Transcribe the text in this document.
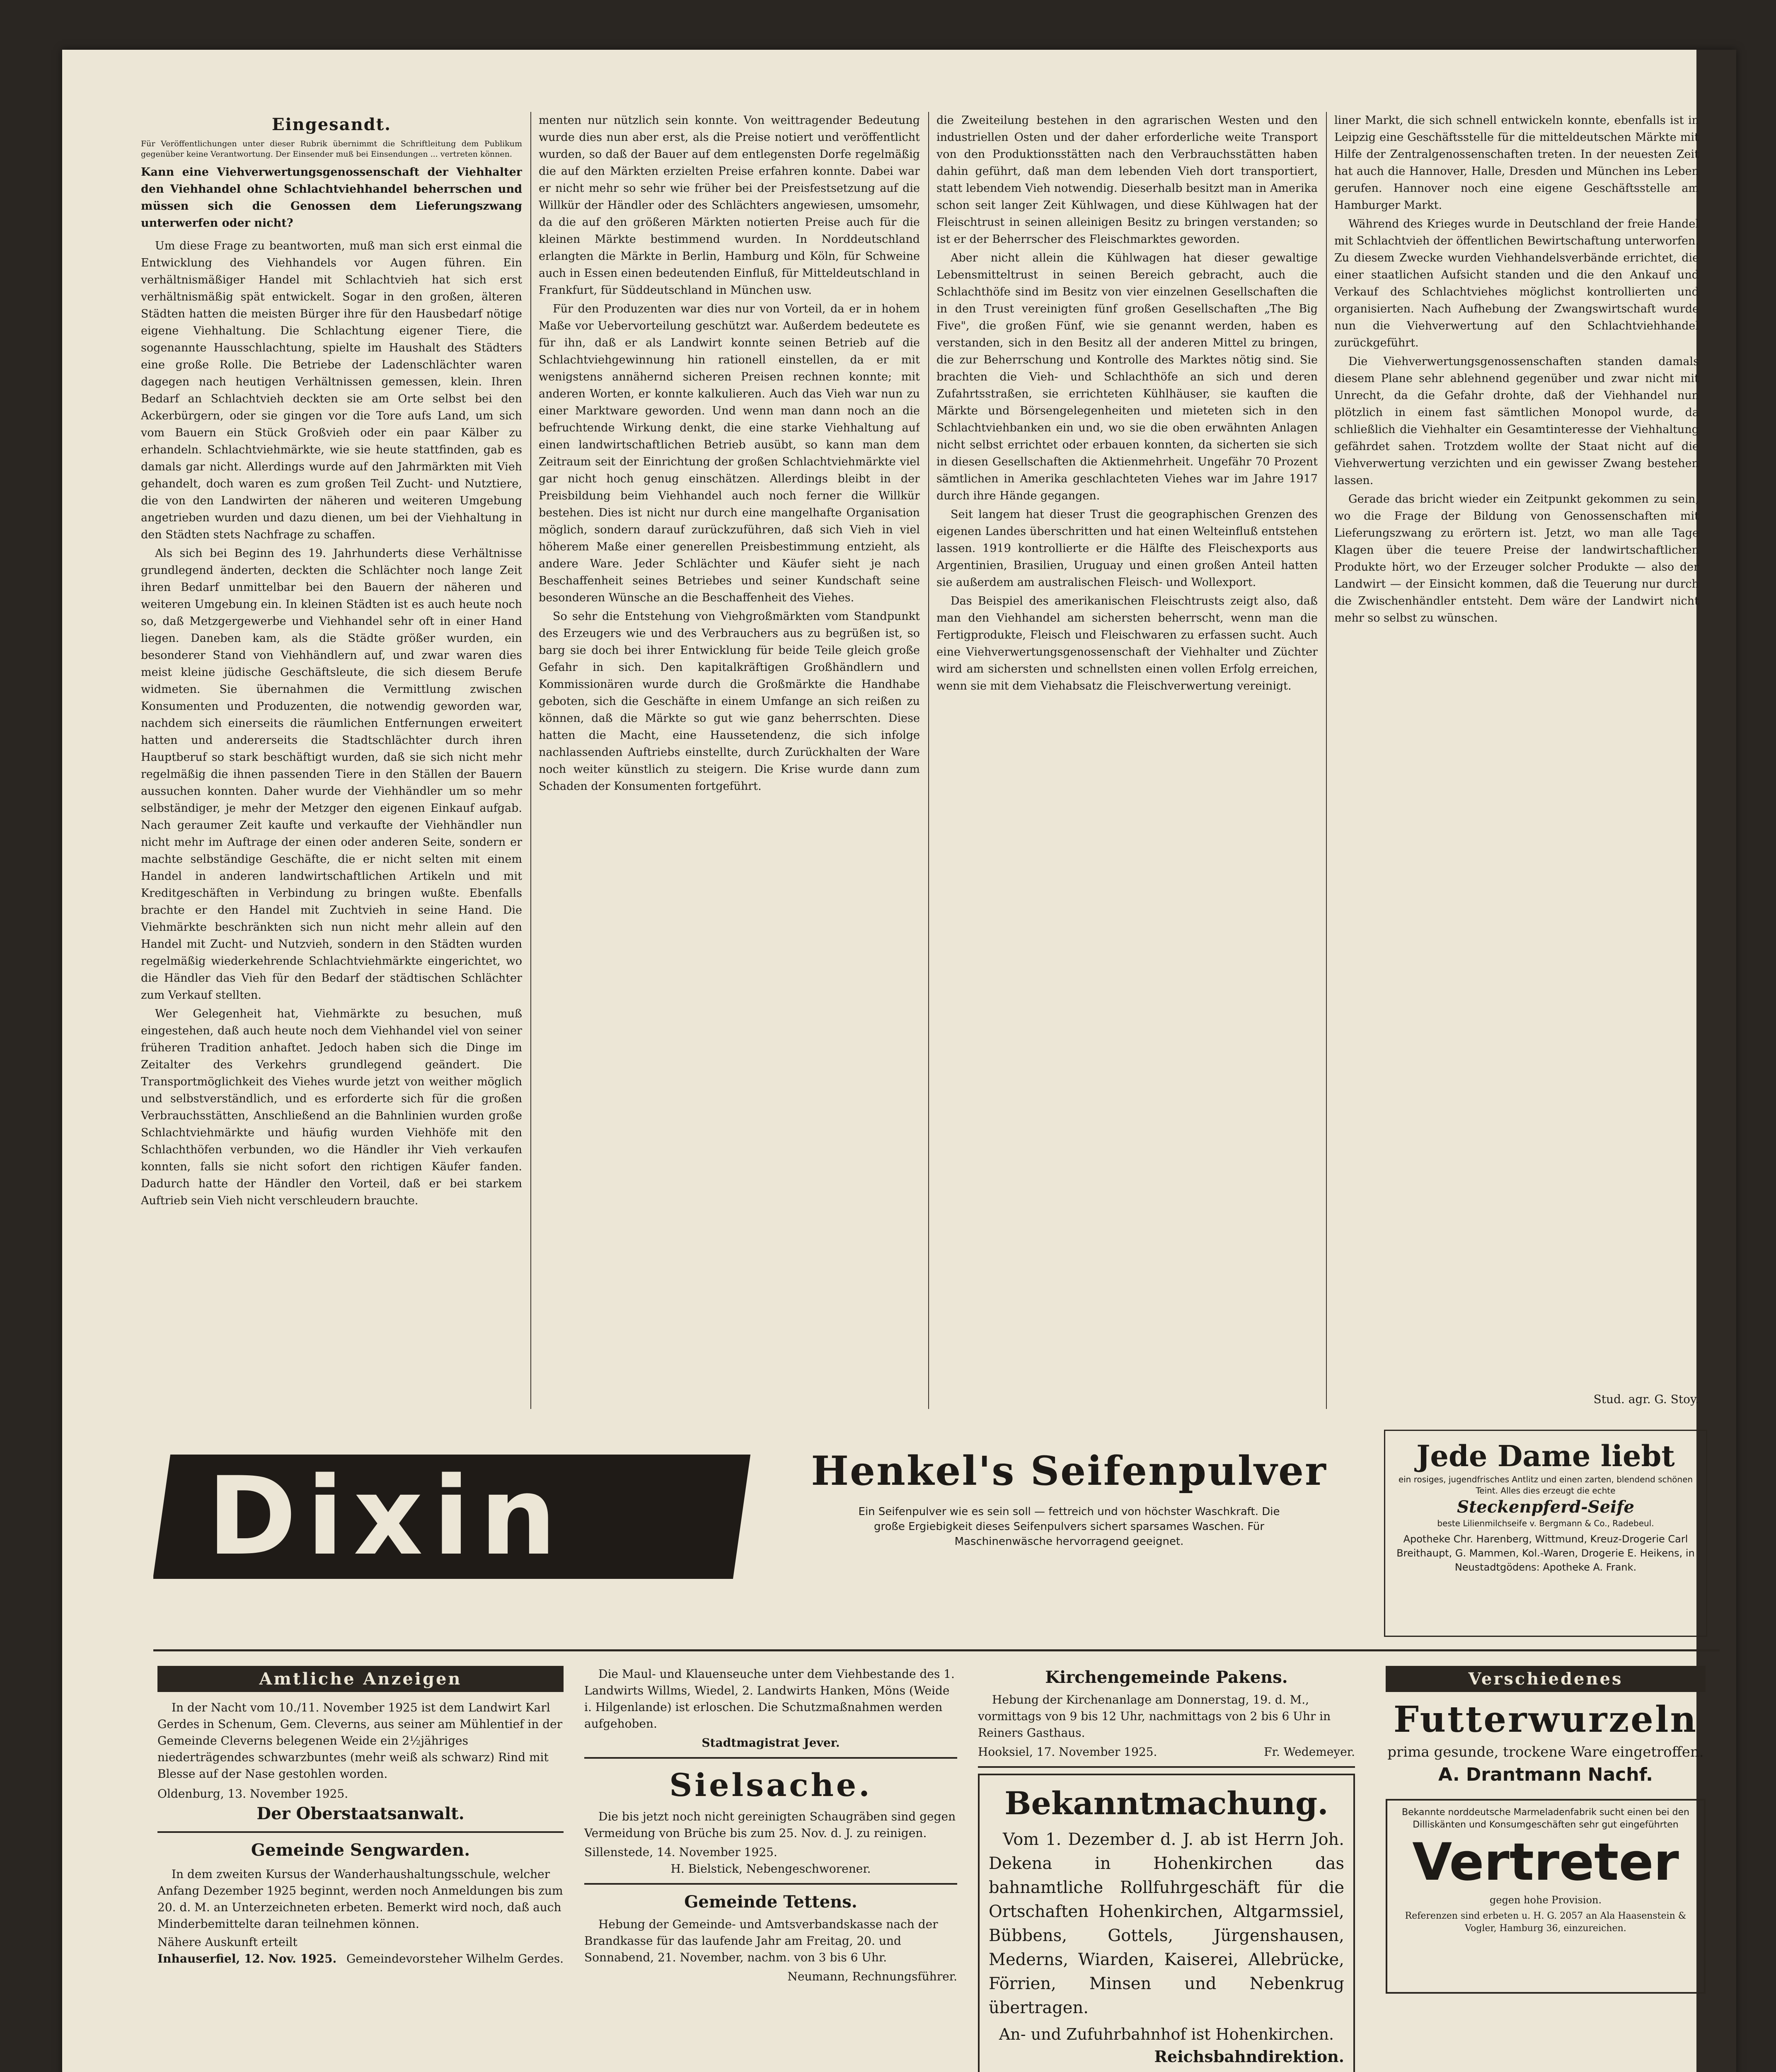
Eingesandt.

Für Veröffentlichungen unter dieser Rubrik übernimmt die Schriftleitung dem Publikum gegenüber keine Verantwortung. Der Einsender muß bei Einsendungen ... vertreten können.

Kann eine Viehverwertungsgenossenschaft der Viehhalter den Viehhandel ohne Schlachtviehhandel beherrschen und müssen sich die Genossen dem Lieferungszwang unterwerfen oder nicht?

Um diese Frage zu beantworten, muß man sich erst einmal die Entwicklung des Viehhandels vor Augen führen. Ein verhältnismäßiger Handel mit Schlachtvieh hat sich erst verhältnismäßig spät entwickelt. Sogar in den großen, älteren Städten hatten die meisten Bürger ihre für den Hausbedarf nötige eigene Viehhaltung. Die Schlachtung eigener Tiere, die sogenannte Hausschlachtung, spielte im Haushalt des Städters eine große Rolle. Die Betriebe der Ladenschlächter waren dagegen nach heutigen Verhältnissen gemessen, klein. Ihren Bedarf an Schlachtvieh deckten sie am Orte selbst bei den Ackerbürgern, oder sie gingen vor die Tore aufs Land, um sich vom Bauern ein Stück Großvieh oder ein paar Kälber zu erhandeln. Schlachtviehmärkte, wie sie heute stattfinden, gab es damals gar nicht. Allerdings wurde auf den Jahrmärkten mit Vieh gehandelt, doch waren es zum großen Teil Zucht- und Nutztiere, die von den Landwirten der näheren und weiteren Umgebung angetrieben wurden und dazu dienen, um bei der Viehhaltung in den Städten stets Nachfrage zu schaffen.

Als sich bei Beginn des 19. Jahrhunderts diese Verhältnisse grundlegend änderten, deckten die Schlächter noch lange Zeit ihren Bedarf unmittelbar bei den Bauern der näheren und weiteren Umgebung ein. In kleinen Städten ist es auch heute noch so, daß Metzgergewerbe und Viehhandel sehr oft in einer Hand liegen. Daneben kam, als die Städte größer wurden, ein besonderer Stand von Viehhändlern auf, und zwar waren dies meist kleine jüdische Geschäftsleute, die sich diesem Berufe widmeten. Sie übernahmen die Vermittlung zwischen Konsumenten und Produzenten, die notwendig geworden war, nachdem sich einerseits die räumlichen Entfernungen erweitert hatten und andererseits die Stadtschlächter durch ihren Hauptberuf so stark beschäftigt wurden, daß sie sich nicht mehr regelmäßig die ihnen passenden Tiere in den Ställen der Bauern aussuchen konnten. Daher wurde der Viehhändler um so mehr selbständiger, je mehr der Metzger den eigenen Einkauf aufgab. Nach geraumer Zeit kaufte und verkaufte der Viehhändler nun nicht mehr im Auftrage der einen oder anderen Seite, sondern er machte selbständige Geschäfte, die er nicht selten mit einem Handel in anderen landwirtschaftlichen Artikeln und mit Kreditgeschäften in Verbindung zu bringen wußte. Ebenfalls brachte er den Handel mit Zuchtvieh in seine Hand. Die Viehmärkte beschränkten sich nun nicht mehr allein auf den Handel mit Zucht- und Nutzvieh, sondern in den Städten wurden regelmäßig wiederkehrende Schlachtviehmärkte eingerichtet, wo die Händler das Vieh für den Bedarf der städtischen Schlächter zum Verkauf stellten.

Wer Gelegenheit hat, Viehmärkte zu besuchen, muß eingestehen, daß auch heute noch dem Viehhandel viel von seiner früheren Tradition anhaftet. Jedoch haben sich die Dinge im Zeitalter des Verkehrs grundlegend geändert. Die Transportmöglichkeit des Viehes wurde jetzt von weither möglich und selbstverständlich, und es erforderte sich für die großen Verbrauchsstätten, Anschließend an die Bahnlinien wurden große Schlachtviehmärkte und häufig wurden Viehhöfe mit den Schlachthöfen verbunden, wo die Händler ihr Vieh verkaufen konnten, falls sie nicht sofort den richtigen Käufer fanden. Dadurch hatte der Händler den Vorteil, daß er bei starkem Auftrieb sein Vieh nicht verschleudern brauchte.

menten nur nützlich sein konnte. Von weittragender Bedeutung wurde dies nun aber erst, als die Preise notiert und veröffentlicht wurden, so daß der Bauer auf dem entlegensten Dorfe regelmäßig die auf den Märkten erzielten Preise erfahren konnte. Dabei war er nicht mehr so sehr wie früher bei der Preisfestsetzung auf die Willkür der Händler oder des Schlächters angewiesen, umsomehr, da die auf den größeren Märkten notierten Preise auch für die kleinen Märkte bestimmend wurden. In Norddeutschland erlangten die Märkte in Berlin, Hamburg und Köln, für Schweine auch in Essen einen bedeutenden Einfluß, für Mitteldeutschland in Frankfurt, für Süddeutschland in München usw.

Für den Produzenten war dies nur von Vorteil, da er in hohem Maße vor Uebervorteilung geschützt war. Außerdem bedeutete es für ihn, daß er als Landwirt konnte seinen Betrieb auf die Schlachtviehgewinnung hin rationell einstellen, da er mit wenigstens annähernd sicheren Preisen rechnen konnte; mit anderen Worten, er konnte kalkulieren. Auch das Vieh war nun zu einer Marktware geworden. Und wenn man dann noch an die befruchtende Wirkung denkt, die eine starke Viehhaltung auf einen landwirtschaftlichen Betrieb ausübt, so kann man dem Zeitraum seit der Einrichtung der großen Schlachtviehmärkte viel gar nicht hoch genug einschätzen. Allerdings bleibt in der Preisbildung beim Viehhandel auch noch ferner die Willkür bestehen. Dies ist nicht nur durch eine mangelhafte Organisation möglich, sondern darauf zurückzuführen, daß sich Vieh in viel höherem Maße einer generellen Preisbestimmung entzieht, als andere Ware. Jeder Schlächter und Käufer sieht je nach Beschaffenheit seines Betriebes und seiner Kundschaft seine besonderen Wünsche an die Beschaffenheit des Viehes.

So sehr die Entstehung von Viehgroßmärkten vom Standpunkt des Erzeugers wie und des Verbrauchers aus zu begrüßen ist, so barg sie doch bei ihrer Entwicklung für beide Teile gleich große Gefahr in sich. Den kapitalkräftigen Großhändlern und Kommissionären wurde durch die Großmärkte die Handhabe geboten, sich die Geschäfte in einem Umfange an sich reißen zu können, daß die Märkte so gut wie ganz beherrschten. Diese hatten die Macht, eine Haussetendenz, die sich infolge nachlassenden Auftriebs einstellte, durch Zurückhalten der Ware noch weiter künstlich zu steigern. Die Krise wurde dann zum Schaden der Konsumenten fortgeführt.

die Zweiteilung bestehen in den agrarischen Westen und den industriellen Osten und der daher erforderliche weite Transport von den Produktionsstätten nach den Verbrauchsstätten haben dahin geführt, daß man dem lebenden Vieh dort transportiert, statt lebendem Vieh notwendig. Dieserhalb besitzt man in Amerika schon seit langer Zeit Kühlwagen, und diese Kühlwagen hat der Fleischtrust in seinen alleinigen Besitz zu bringen verstanden; so ist er der Beherrscher des Fleischmarktes geworden.

Aber nicht allein die Kühlwagen hat dieser gewaltige Lebensmitteltrust in seinen Bereich gebracht, auch die Schlachthöfe sind im Besitz von vier einzelnen Gesellschaften die in den Trust vereinigten fünf großen Gesellschaften „The Big Five", die großen Fünf, wie sie genannt werden, haben es verstanden, sich in den Besitz all der anderen Mittel zu bringen, die zur Beherrschung und Kontrolle des Marktes nötig sind. Sie brachten die Vieh- und Schlachthöfe an sich und deren Zufahrtsstraßen, sie errichteten Kühlhäuser, sie kauften die Märkte und Börsengelegenheiten und mieteten sich in den Schlachtviehbanken ein und, wo sie die oben erwähnten Anlagen nicht selbst errichtet oder erbauen konnten, da sicherten sie sich in diesen Gesellschaften die Aktienmehrheit. Ungefähr 70 Prozent sämtlichen in Amerika geschlachteten Viehes war im Jahre 1917 durch ihre Hände gegangen.

Seit langem hat dieser Trust die geographischen Grenzen des eigenen Landes überschritten und hat einen Welteinfluß entstehen lassen. 1919 kontrollierte er die Hälfte des Fleischexports aus Argentinien, Brasilien, Uruguay und einen großen Anteil hatten sie außerdem am australischen Fleisch- und Wollexport.

Das Beispiel des amerikanischen Fleischtrusts zeigt also, daß man den Viehhandel am sichersten beherrscht, wenn man die Fertigprodukte, Fleisch und Fleischwaren zu erfassen sucht. Auch eine Viehverwertungsgenossenschaft der Viehhalter und Züchter wird am sichersten und schnellsten einen vollen Erfolg erreichen, wenn sie mit dem Viehabsatz die Fleischverwertung vereinigt.

liner Markt, die sich schnell entwickeln konnte, ebenfalls ist in Leipzig eine Geschäftsstelle für die mitteldeutschen Märkte mit Hilfe der Zentralgenossenschaften treten. In der neuesten Zeit hat auch die Hannover, Halle, Dresden und München ins Leben gerufen. Hannover noch eine eigene Geschäftsstelle am Hamburger Markt.

Während des Krieges wurde in Deutschland der freie Handel mit Schlachtvieh der öffentlichen Bewirtschaftung unterworfen. Zu diesem Zwecke wurden Viehhandelsverbände errichtet, die einer staatlichen Aufsicht standen und die den Ankauf und Verkauf des Schlachtviehes möglichst kontrollierten und organisierten. Nach Aufhebung der Zwangswirtschaft wurde nun die Viehverwertung auf den Schlachtviehhandel zurückgeführt.

Die Viehverwertungsgenossenschaften standen damals diesem Plane sehr ablehnend gegenüber und zwar nicht mit Unrecht, da die Gefahr drohte, daß der Viehhandel nun plötzlich in einem fast sämtlichen Monopol wurde, da schließlich die Viehhalter ein Gesamtinteresse der Viehhaltung gefährdet sahen. Trotzdem wollte der Staat nicht auf die Viehverwertung verzichten und ein gewisser Zwang bestehen lassen.

Gerade das bricht wieder ein Zeitpunkt gekommen zu sein, wo die Frage der Bildung von Genossenschaften mit Lieferungszwang zu erörtern ist. Jetzt, wo man alle Tage Klagen über die teuere Preise der landwirtschaftlichen Produkte hört, wo der Erzeuger solcher Produkte — also der Landwirt — der Einsicht kommen, daß die Teuerung nur durch die Zwischenhändler entsteht. Dem wäre der Landwirt nicht mehr so selbst zu wünschen.

Stud. agr. G. Stoy.
Dixin	Henkel's Seifenpulver
Ein Seifenpulver wie es sein soll — fettreich und von höchster Waschkraft. Die große Ergiebigkeit dieses Seifenpulvers sichert sparsames Waschen. Für Maschinenwäsche hervorragend geeignet.
Jede Dame liebt
ein rosiges, jugendfrisches Antlitz und einen zarten, blendend schönen Teint. Alles dies erzeugt die echte
Steckenpferd-Seife
beste Lilienmilchseife v. Bergmann & Co., Radebeul.
Apotheke Chr. Harenberg, Wittmund, Kreuz-Drogerie Carl Breithaupt, G. Mammen, Kol.-Waren, Drogerie E. Heikens, in Neustadtgödens: Apotheke A. Frank.
Amtliche Anzeigen

In der Nacht vom 10./11. November 1925 ist dem Landwirt Karl Gerdes in Schenum, Gem. Cleverns, aus seiner am Mühlentief in der Gemeinde Cleverns belegenen Weide ein 2½jähriges niederträgendes schwarzbuntes (mehr weiß als schwarz) Rind mit Blesse auf der Nase gestohlen worden.

Oldenburg, 13. November 1925.
Der Oberstaatsanwalt.
Gemeinde Sengwarden.

In dem zweiten Kursus der Wanderhaushaltungsschule, welcher Anfang Dezember 1925 beginnt, werden noch Anmeldungen bis zum 20. d. M. an Unterzeichneten erbeten. Bemerkt wird noch, daß auch Minderbemittelte daran teilnehmen können.

Nähere Auskunft erteilt
Inhauserfiel, 12. Nov. 1925. Gemeindevorsteher Wilhelm Gerdes.

Die Maul- und Klauenseuche unter dem Viehbestande des 1. Landwirts Willms, Wiedel, 2. Landwirts Hanken, Möns (Weide i. Hilgenlande) ist erloschen. Die Schutzmaßnahmen werden aufgehoben.

Stadtmagistrat Jever.
Sielsache.

Die bis jetzt noch nicht gereinigten Schaugräben sind gegen Vermeidung von Brüche bis zum 25. Nov. d. J. zu reinigen.

Sillenstede, 14. November 1925.
H. Bielstick, Nebengeschworener.
Gemeinde Tettens.

Hebung der Gemeinde- und Amtsverbandskasse nach der Brandkasse für das laufende Jahr am Freitag, 20. und Sonnabend, 21. November, nachm. von 3 bis 6 Uhr.

Neumann, Rechnungsführer.
Kirchengemeinde Pakens.

Hebung der Kirchenanlage am Donnerstag, 19. d. M., vormittags von 9 bis 12 Uhr, nachmittags von 2 bis 6 Uhr in Reiners Gasthaus.

Hooksiel, 17. November 1925.	Fr. Wedemeyer.
Bekanntmachung.

Vom 1. Dezember d. J. ab ist Herrn Joh. Dekena in Hohenkirchen das bahnamtliche Rollfuhrgeschäft für die Ortschaften Hohenkirchen, Altgarmssiel, Bübbens, Gottels, Jürgenshausen, Mederns, Wiarden, Kaiserei, Allebrücke, Förrien, Minsen und Nebenkrug übertragen.

An- und Zufuhrbahnhof ist Hohenkirchen.
Reichsbahndirektion.
Verschiedenes
Futterwurzeln
prima gesunde, trockene Ware eingetroffen.
A. Drantmann Nachf.
Bekannte norddeutsche Marmeladenfabrik sucht einen bei den Dilliskänten und Konsumgeschäften sehr gut eingeführten
Vertreter
gegen hohe Provision.
Referenzen sind erbeten u. H. G. 2057 an Ala Haasenstein & Vogler, Hamburg 36, einzureichen.
